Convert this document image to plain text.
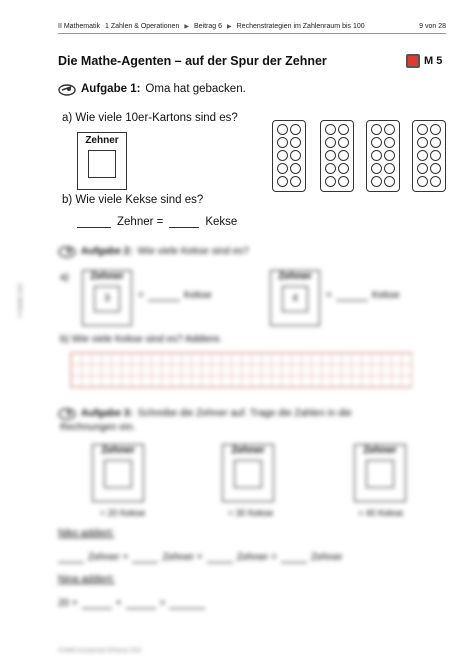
II Mathematik 1 Zahlen & Operationen ▶ Beitrag 6 ▶ Rechenstrategien im Zahlenraum bis 100	9 von 28
Die Mathe-Agenten – auf der Spur der Zehner	M 5
Aufgabe 1: Oma hat gebacken.
a) Wie viele 10er-Kartons sind es?
Zehner
b) Wie viele Kekse sind es?
Zehner =	Kekse
Aufgabe 2: Wie viele Kekse sind es?
a)	Zehner
3	=	Kekse
Zehner
4	=	Kekse
b) Wie viele Kekse sind es? Addiere.
Aufgabe 3: Schreibe die Zehner auf. Trage die Zahlen in die
Rechnungen ein.
Zehner
= 20 Kekse
Zehner
= 30 Kekse
Zehner
= 40 Kekse
Niko addiert:
Zehner +	Zehner +	Zehner =	Zehner
Nina addiert:
20 +	+	=
© RAABE 2022
27/4060 Grundschule 6/Februar 2022
